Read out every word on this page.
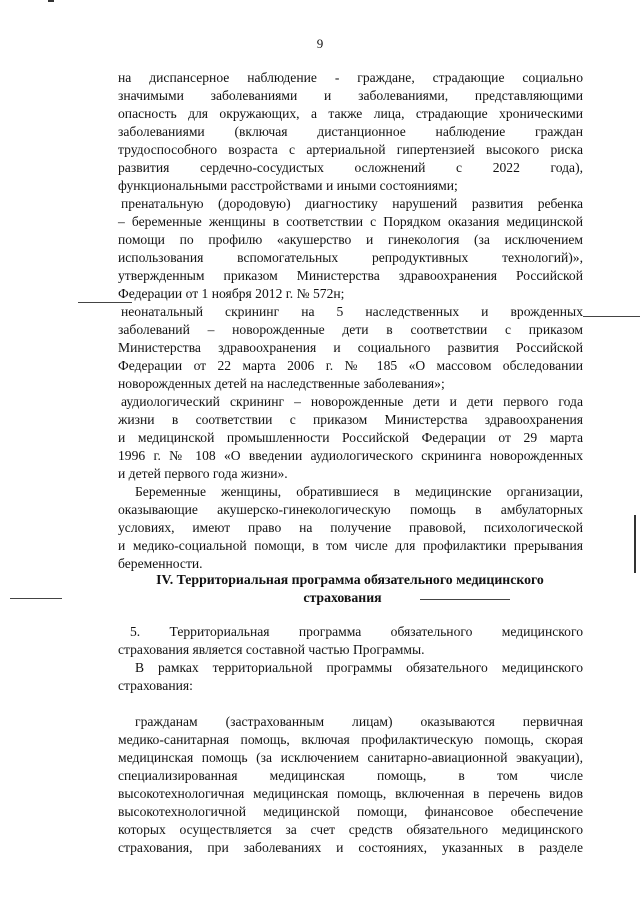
9
на диспансерное наблюдение - граждане, страдающие социально
значимыми заболеваниями и заболеваниями, представляющими
опасность для окружающих, а также лица, страдающие хроническими
заболеваниями (включая дистанционное наблюдение граждан
трудоспособного возраста с артериальной гипертензией высокого риска
развития сердечно-сосудистых осложнений с 2022 года),
функциональными расстройствами и иными состояниями;
пренатальную (дородовую) диагностику нарушений развития ребенка
– беременные женщины в соответствии с Порядком оказания медицинской
помощи по профилю «акушерство и гинекология (за исключением
использования вспомогательных репродуктивных технологий)»,
утвержденным приказом Министерства здравоохранения Российской
Федерации от 1 ноября 2012 г. № 572н;
неонатальный скрининг на 5 наследственных и врожденных
заболеваний – новорожденные дети в соответствии с приказом
Министерства здравоохранения и социального развития Российской
Федерации от 22 марта 2006 г. № 185 «О массовом обследовании
новорожденных детей на наследственные заболевания»;
аудиологический скрининг – новорожденные дети и дети первого года
жизни в соответствии с приказом Министерства здравоохранения
и медицинской промышленности Российской Федерации от 29 марта
1996 г. № 108 «О введении аудиологического скрининга новорожденных
и детей первого года жизни».
Беременные женщины, обратившиеся в медицинские организации,
оказывающие акушерско-гинекологическую помощь в амбулаторных
условиях, имеют право на получение правовой, психологической
и медико-социальной помощи, в том числе для профилактики прерывания
беременности.
IV. Территориальная программа обязательного медицинского
страхования
5. Территориальная программа обязательного медицинского
страхования является составной частью Программы.
В рамках территориальной программы обязательного медицинского
страхования:
гражданам (застрахованным лицам) оказываются первичная
медико-санитарная помощь, включая профилактическую помощь, скорая
медицинская помощь (за исключением санитарно-авиационной эвакуации),
специализированная медицинская помощь, в том числе
высокотехнологичная медицинская помощь, включенная в перечень видов
высокотехнологичной медицинской помощи, финансовое обеспечение
которых осуществляется за счет средств обязательного медицинского
страхования, при заболеваниях и состояниях, указанных в разделе
